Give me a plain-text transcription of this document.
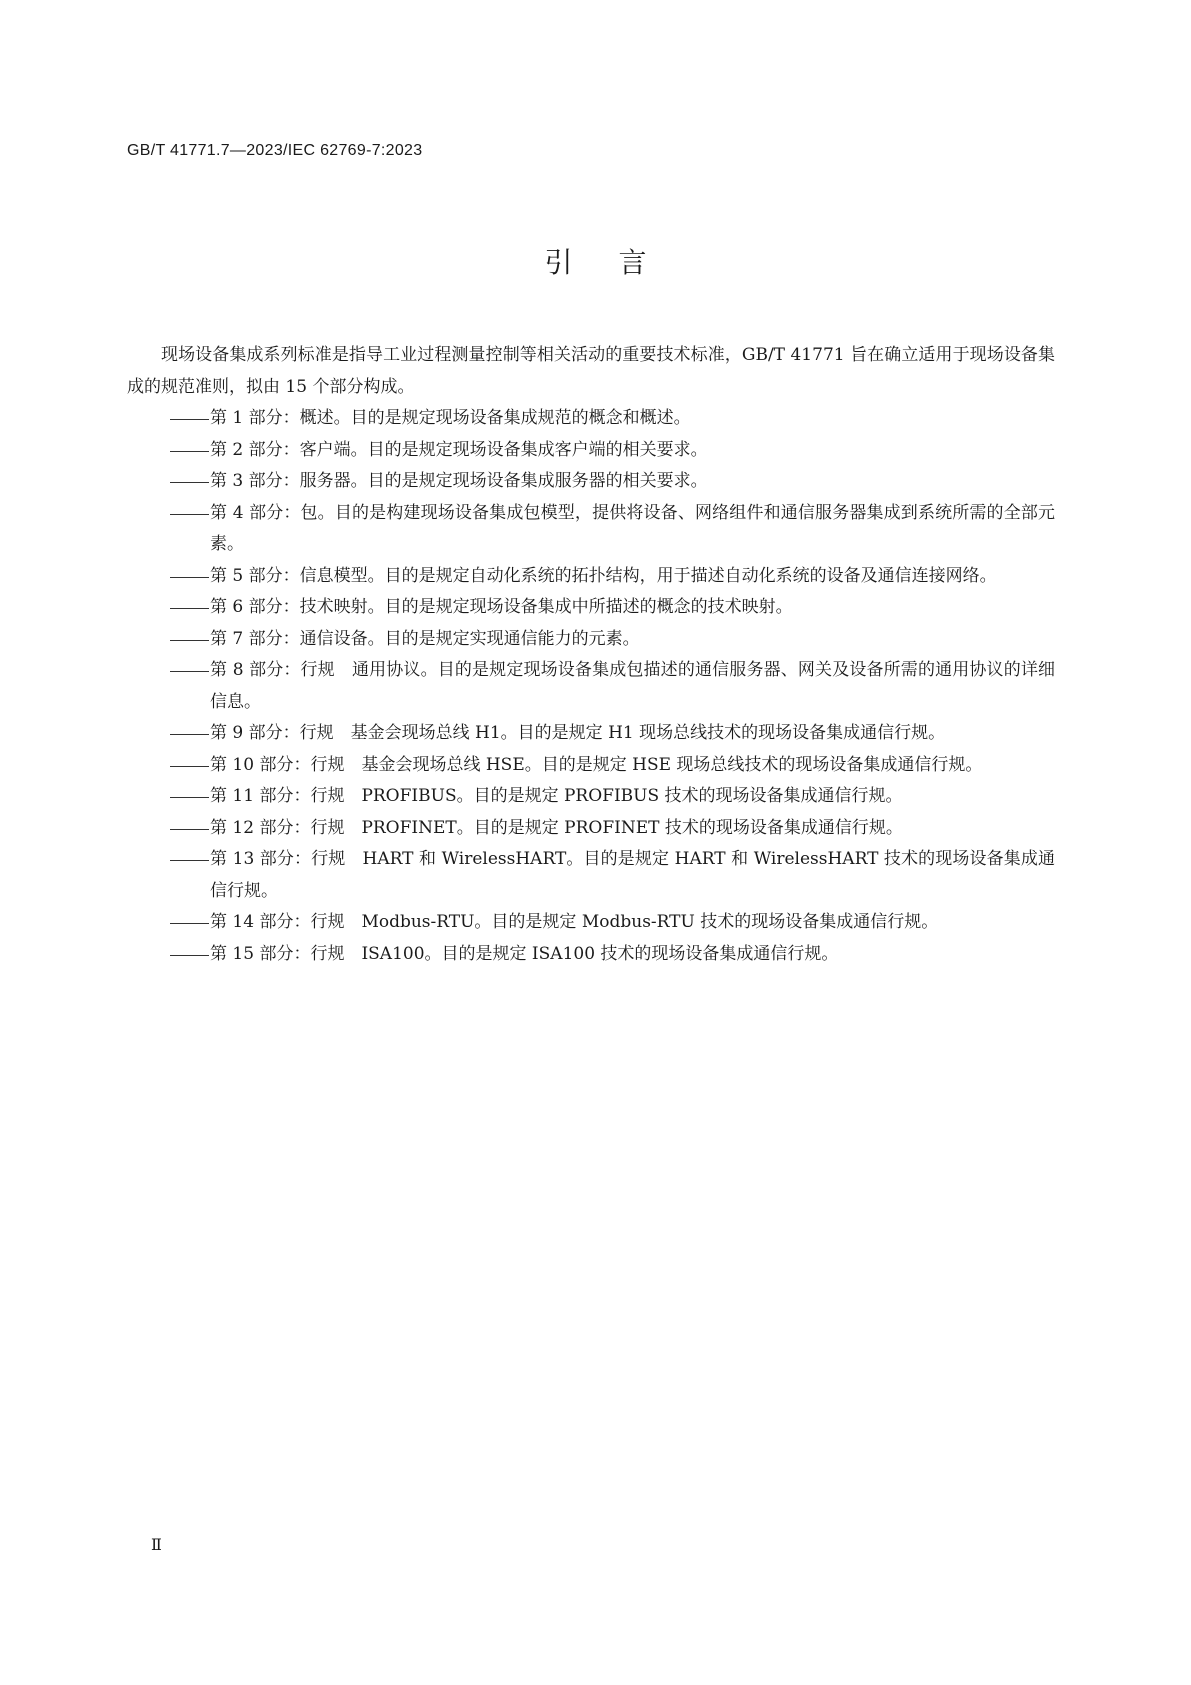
GB/T 41771.7—2023/IEC 62769-7:2023
引言

现场设备集成系列标准是指导工业过程测量控制等相关活动的重要技术标准，GB/T 41771 旨在确立适用于现场设备集成的规范准则，拟由 15 个部分构成。

第 1 部分：概述。目的是规定现场设备集成规范的概念和概述。
第 2 部分：客户端。目的是规定现场设备集成客户端的相关要求。
第 3 部分：服务器。目的是规定现场设备集成服务器的相关要求。
第 4 部分：包。目的是构建现场设备集成包模型，提供将设备、网络组件和通信服务器集成到系统所需的全部元素。
第 5 部分：信息模型。目的是规定自动化系统的拓扑结构，用于描述自动化系统的设备及通信连接网络。
第 6 部分：技术映射。目的是规定现场设备集成中所描述的概念的技术映射。
第 7 部分：通信设备。目的是规定实现通信能力的元素。
第 8 部分：行规　通用协议。目的是规定现场设备集成包描述的通信服务器、网关及设备所需的通用协议的详细信息。
第 9 部分：行规　基金会现场总线 H1。目的是规定 H1 现场总线技术的现场设备集成通信行规。
第 10 部分：行规　基金会现场总线 HSE。目的是规定 HSE 现场总线技术的现场设备集成通信行规。
第 11 部分：行规　PROFIBUS。目的是规定 PROFIBUS 技术的现场设备集成通信行规。
第 12 部分：行规　PROFINET。目的是规定 PROFINET 技术的现场设备集成通信行规。
第 13 部分：行规　HART 和 WirelessHART。目的是规定 HART 和 WirelessHART 技术的现场设备集成通信行规。
第 14 部分：行规　Modbus-RTU。目的是规定 Modbus-RTU 技术的现场设备集成通信行规。
第 15 部分：行规　ISA100。目的是规定 ISA100 技术的现场设备集成通信行规。
Ⅱ
